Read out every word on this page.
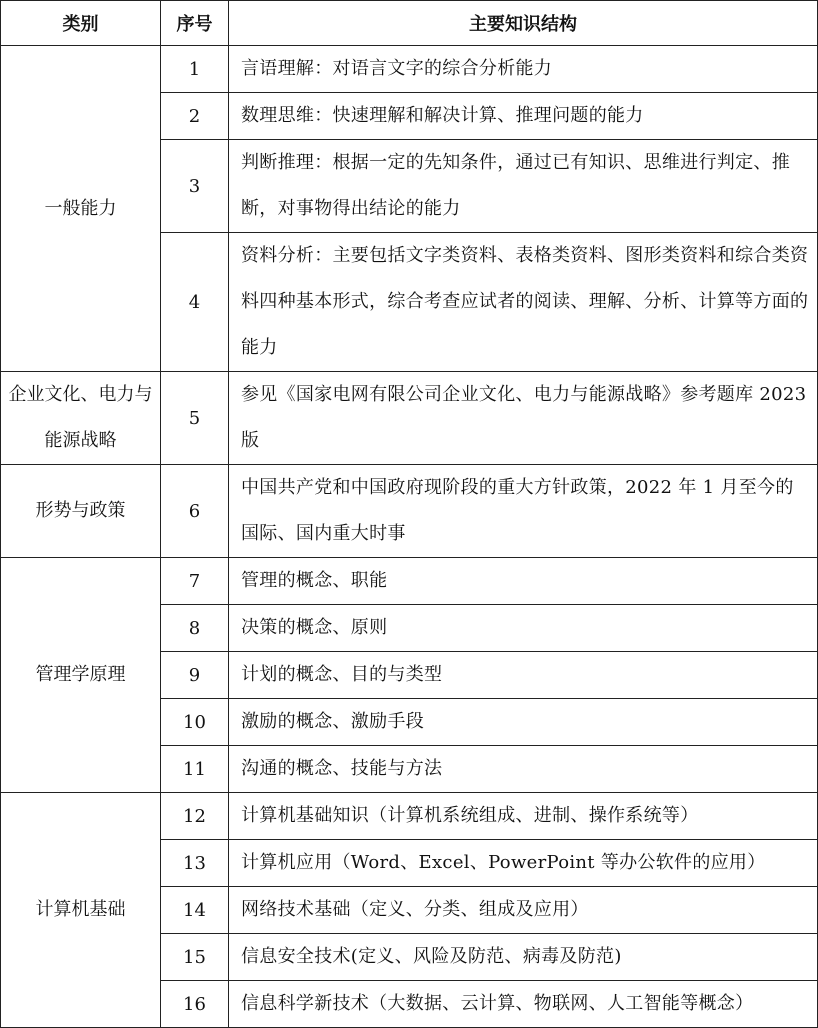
类别	序号	主要知识结构
一般能力	1	言语理解：对语言文字的综合分析能力
	2	数理思维：快速理解和解决计算、推理问题的能力
	3	判断推理：根据一定的先知条件，通过已有知识、思维进行判定、推断，对事物得出结论的能力
	4	资料分析：主要包括文字类资料、表格类资料、图形类资料和综合类资料四种基本形式，综合考查应试者的阅读、理解、分析、计算等方面的能力
企业文化、电力与能源战略	5	参见《国家电网有限公司企业文化、电力与能源战略》参考题库 2023 版
形势与政策	6	中国共产党和中国政府现阶段的重大方针政策，2022 年 1 月至今的国际、国内重大时事
管理学原理	7	管理的概念、职能
	8	决策的概念、原则
	9	计划的概念、目的与类型
	10	激励的概念、激励手段
	11	沟通的概念、技能与方法
计算机基础	12	计算机基础知识（计算机系统组成、进制、操作系统等）
	13	计算机应用（Word、Excel、PowerPoint 等办公软件的应用）
	14	网络技术基础（定义、分类、组成及应用）
	15	信息安全技术(定义、风险及防范、病毒及防范)
	16	信息科学新技术（大数据、云计算、物联网、人工智能等概念）
